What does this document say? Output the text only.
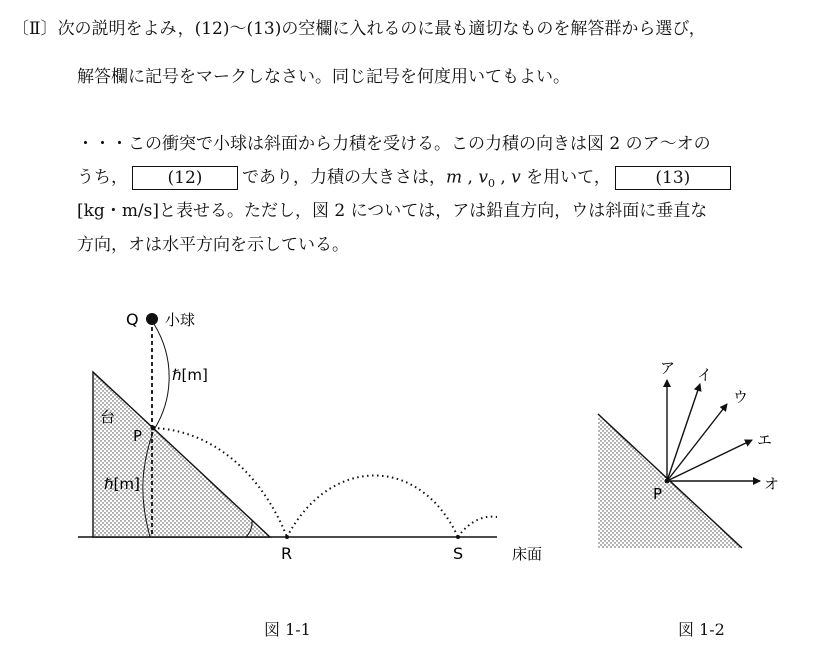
〔Ⅱ〕次の説明をよみ，(12)〜(13)の空欄に入れるのに最も適切なものを解答群から選び，
解答欄に記号をマークしなさい。同じ記号を何度用いてもよい。
・・・この衝突で小球は斜面から力積を受ける。この力積の向きは図 2 のア〜オの
うち， (12) であり，力積の大きさは，m , $v_0$ , v を用いて，	(13)
[kg・m/s]と表せる。ただし，図 2 については，アは鉛直方向，ウは斜面に垂直な
方向，オは水平方向を示している。
Q 小球
ℏ[m]
台
P
ℏ[m]
R	S	床面
ア イ
ウ
エ
オ
P
図 1-1	図 1-2
